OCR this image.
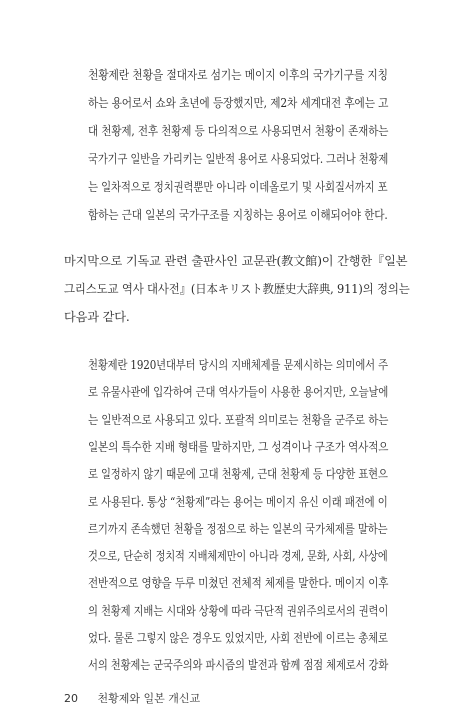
천황제란 천황을 절대자로 섬기는 메이지 이후의 국가기구를 지칭
하는 용어로서 쇼와 초년에 등장했지만, 제2차 세계대전 후에는 고
대 천황제, 전후 천황제 등 다의적으로 사용되면서 천황이 존재하는
국가기구 일반을 가리키는 일반적 용어로 사용되었다. 그러나 천황제
는 일차적으로 정치권력뿐만 아니라 이데올로기 및 사회질서까지 포
함하는 근대 일본의 국가구조를 지칭하는 용어로 이해되어야 한다.
마지막으로 기독교 관련 출판사인 교문관(教文館)이 간행한『일본
그리스도교 역사 대사전』(日本キリスト教歴史大辞典, 911)의 정의는
다음과 같다.
천황제란 1920년대부터 당시의 지배체제를 문제시하는 의미에서 주
로 유물사관에 입각하여 근대 역사가들이 사용한 용어지만, 오늘날에
는 일반적으로 사용되고 있다. 포괄적 의미로는 천황을 군주로 하는
일본의 특수한 지배 형태를 말하지만, 그 성격이나 구조가 역사적으
로 일정하지 않기 때문에 고대 천황제, 근대 천황제 등 다양한 표현으
로 사용된다. 통상 “천황제”라는 용어는 메이지 유신 이래 패전에 이
르기까지 존속했던 천황을 정점으로 하는 일본의 국가체제를 말하는
것으로, 단순히 정치적 지배체제만이 아니라 경제, 문화, 사회, 사상에
전반적으로 영향을 두루 미쳤던 전체적 체제를 말한다. 메이지 이후
의 천황제 지배는 시대와 상황에 따라 극단적 권위주의로서의 권력이
었다. 물론 그렇지 않은 경우도 있었지만, 사회 전반에 이르는 총체로
서의 천황제는 군국주의와 파시즘의 발전과 함께 점점 체제로서 강화
20 천황제와 일본 개신교
